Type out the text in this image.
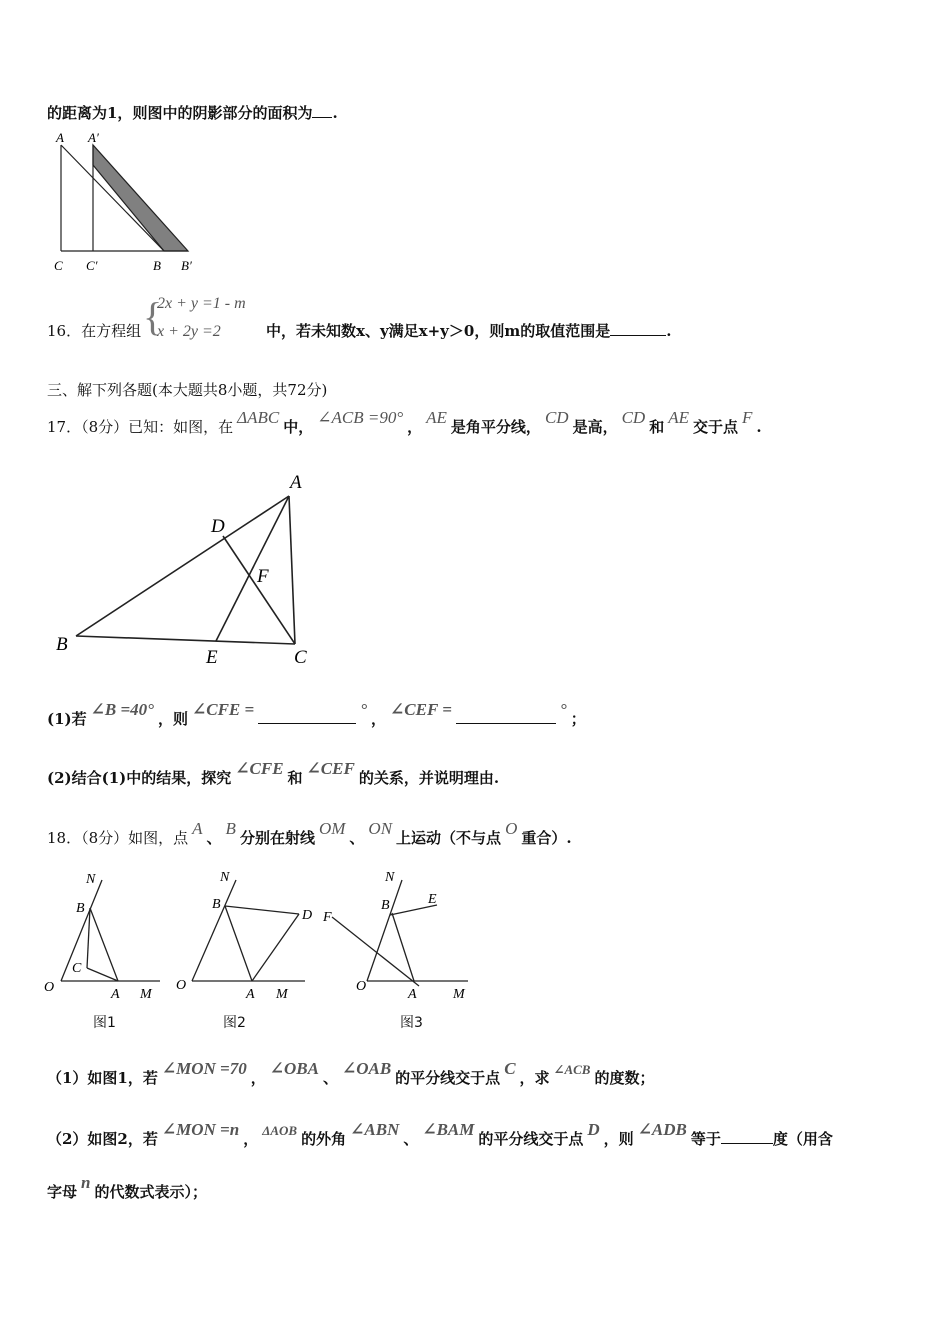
的距离为1，则图中的阴影部分的面积为 .
A A′
C C′	B B′
16．在方程组 {
2x + y =1 - m
x + 2y =2	中，若未知数x、y满足x+y＞0，则m的取值范围是	.
三、解下列各题(本大题共8小题，共72分)
17．（8分）已知：如图，在 ΔABC 中， ∠ACB =90° ， AE 是角平分线， CD 是高， CD 和 AE 交于点 F .
A
D
F
B
E	C
(1)若 ∠B =40° ，则 ∠CFE =	° ， ∠CEF =	° ；
(2)结合(1)中的结果，探究 ∠CFE 和 ∠CEF 的关系，并说明理由.
18．（8分）如图，点 A 、 B 分别在射线 OM 、 ON 上运动（不与点 O 重合）.
N
B
C
O	A M
图1
N
B
D
O
A M
图2
N
B	E
F
O
A	M
图3
（1）如图1，若 ∠MON =70 ， ∠OBA 、 ∠OAB 的平分线交于点 C ，求 ∠ACB 的度数；
（2）如图2，若 ∠MON =n ， ΔAOB 的外角 ∠ABN 、 ∠BAM 的平分线交于点 D ，则 ∠ADB 等于	度（用含
字母 n 的代数式表示）；
